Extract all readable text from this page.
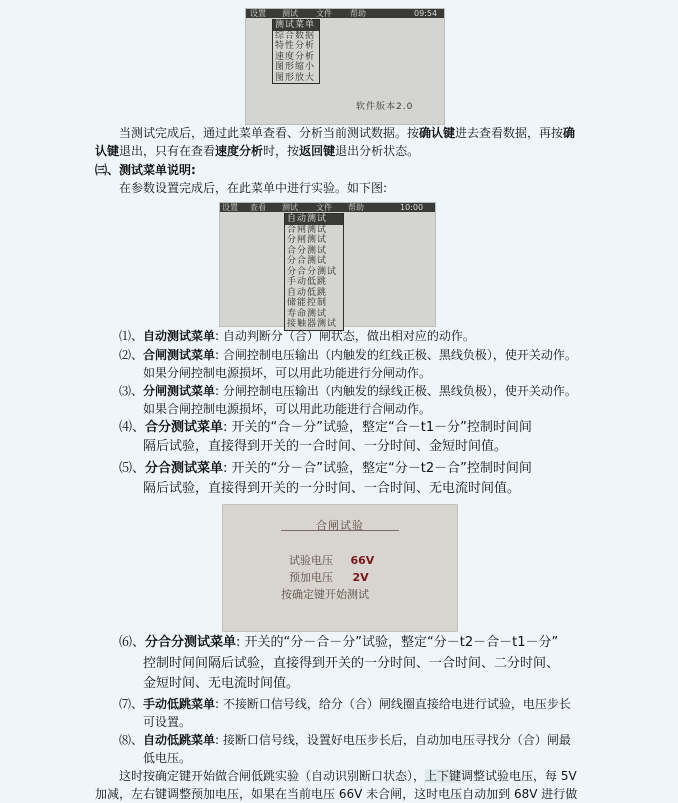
设置 测试 文件 帮助	09:54
测试菜单
综合数据
特性分析
速度分析
图形缩小
图形放大
软件版本2.0
当测试完成后，通过此菜单查看、分析当前测试数据。按确认键进去查看数据，再按确
认键退出，只有在查看速度分析时，按返回键退出分析状态。
㈢、测试菜单说明:
在参数设置完成后，在此菜单中进行实验。如下图:
设置 查看 测试 文件 帮助	10:00
自动测试
合闸测试
分闸测试
合分测试
分合测试
分合分测试
手动低跳
自动低跳
储能控制
寿命测试
接触器测试
⑴、自动测试菜单: 自动判断分（合）闸状态，做出相对应的动作。
⑵、合闸测试菜单: 合闸控制电压输出（内触发的红线正极、黑线负极），使开关动作。
如果分闸控制电源损坏，可以用此功能进行分闸动作。
⑶、分闸测试菜单: 分闸控制电压输出（内触发的绿线正极、黑线负极），使开关动作。
如果合闸控制电源损坏，可以用此功能进行合闸动作。
⑷、合分测试菜单: 开关的“合－分”试验，整定“合－t1－分”控制时间间
隔后试验，直接得到开关的一合时间、一分时间、金短时间值。
⑸、分合测试菜单: 开关的“分－合”试验，整定“分－t2－合”控制时间间
隔后试验，直接得到开关的一分时间、一合时间、无电流时间值。
合闸试验
试验电压 66V
预加电压 2V
按确定键开始测试
⑹、分合分测试菜单: 开关的“分－合－分”试验，整定“分－t2－合－t1－分”
控制时间间隔后试验，直接得到开关的一分时间、一合时间、二分时间、
金短时间、无电流时间值。
⑺、手动低跳菜单: 不接断口信号线，给分（合）闸线圈直接给电进行试验，电压步长
可设置。
⑻、自动低跳菜单: 接断口信号线，设置好电压步长后，自动加电压寻找分（合）闸最
低电压。
这时按确定键开始做合闸低跳实验（自动识别断口状态），上下键调整试验电压，每 5V
加减，左右键调整预加电压，如果在当前电压 66V 未合闸，这时电压自动加到 68V 进行做
